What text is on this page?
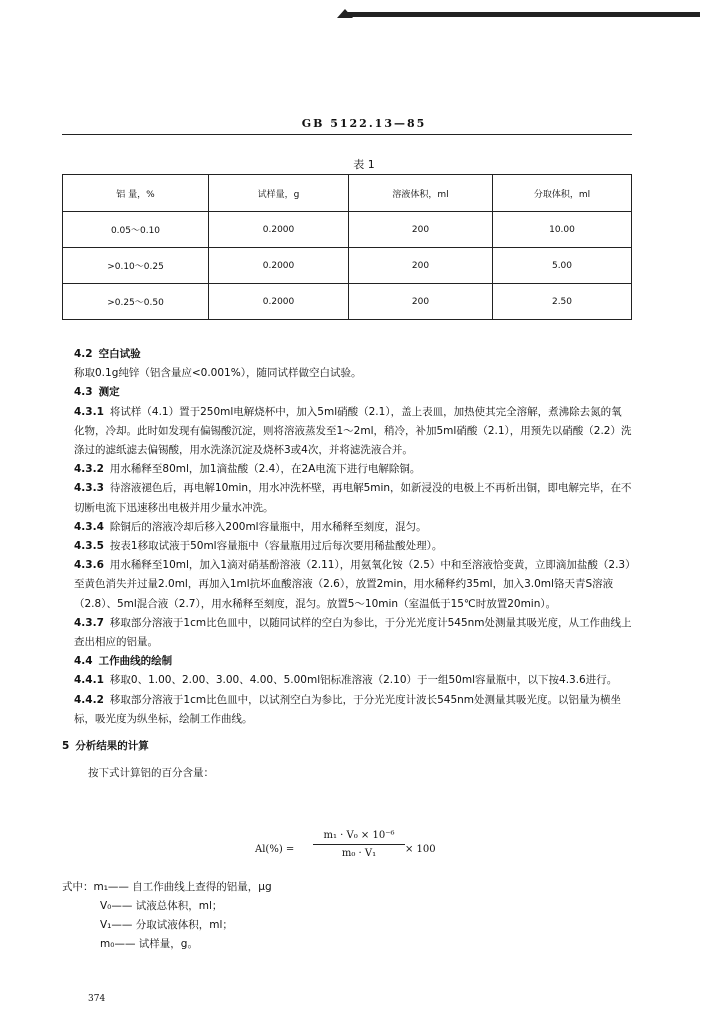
GB 5122.13—85
表 1
铝 量，%	试样量，g	溶液体积，ml	分取体积，ml
0.05～0.10	0.2000	200	10.00
>0.10～0.25	0.2000	200	5.00
>0.25～0.50	0.2000	200	2.50

4.2 空白试验

称取0.1g纯锌（铝含量应<0.001%），随同试样做空白试验。

4.3 测定

4.3.1 将试样（4.1）置于250ml电解烧杯中，加入5ml硝酸（2.1），盖上表皿，加热使其完全溶解，煮沸除去氮的氧化物，冷却。此时如发现有偏锡酸沉淀，则将溶液蒸发至1～2ml，稍冷，补加5ml硝酸（2.1），用预先以硝酸（2.2）洗涤过的滤纸滤去偏锡酸，用水洗涤沉淀及烧杯3或4次，并将滤洗液合并。

4.3.2 用水稀释至80ml，加1滴盐酸（2.4），在2A电流下进行电解除铜。

4.3.3 待溶液褪色后，再电解10min，用水冲洗杯壁，再电解5min，如新浸没的电极上不再析出铜，即电解完毕，在不切断电流下迅速移出电极并用少量水冲洗。

4.3.4 除铜后的溶液冷却后移入200ml容量瓶中，用水稀释至刻度，混匀。

4.3.5 按表1移取试液于50ml容量瓶中（容量瓶用过后每次要用稀盐酸处理）。

4.3.6 用水稀释至10ml，加入1滴对硝基酚溶液（2.11），用氨氧化铵（2.5）中和至溶液恰变黄，立即滴加盐酸（2.3）至黄色消失并过量2.0ml，再加入1ml抗坏血酸溶液（2.6），放置2min，用水稀释约35ml，加入3.0ml铬天青S溶液（2.8）、5ml混合液（2.7），用水稀释至刻度，混匀。放置5～10min（室温低于15℃时放置20min）。

4.3.7 移取部分溶液于1cm比色皿中，以随同试样的空白为参比，于分光光度计545nm处测量其吸光度，从工作曲线上查出相应的铝量。

4.4 工作曲线的绘制

4.4.1 移取0、1.00、2.00、3.00、4.00、5.00ml铝标准溶液（2.10）于一组50ml容量瓶中，以下按4.3.6进行。

4.4.2 移取部分溶液于1cm比色皿中，以试剂空白为参比，于分光光度计波长545nm处测量其吸光度。以铝量为横坐标，吸光度为纵坐标，绘制工作曲线。

5 分析结果的计算

按下式计算铝的百分含量：

Al(%) =
m₁ · V₀ × 10⁻⁶
m₀ · V₁	× 100
式中：m₁—— 自工作曲线上查得的铝量，μg
V₀—— 试液总体积，ml；
V₁—— 分取试液体积，ml；
m₀—— 试样量，g。
374
